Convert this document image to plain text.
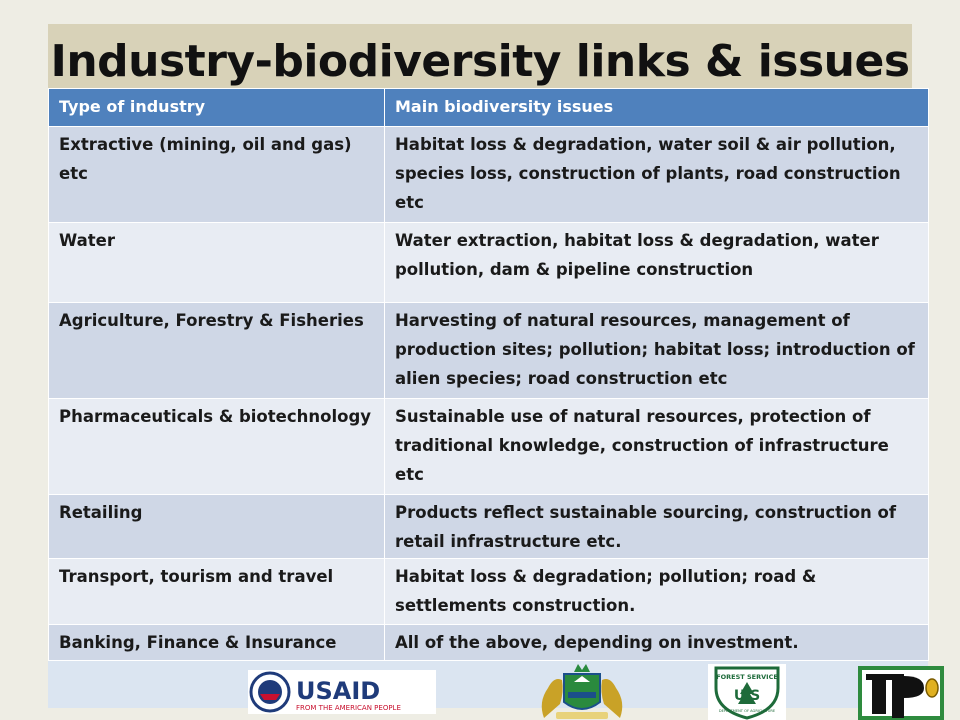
Industry-biodiversity links & issues
Type of industry	Main biodiversity issues
Extractive (mining, oil and gas) etc	Habitat loss & degradation, water soil & air pollution, species loss, construction of plants, road construction etc
Water	Water extraction, habitat loss & degradation, water pollution, dam & pipeline construction
Agriculture, Forestry & Fisheries	Harvesting of natural resources, management of production sites; pollution; habitat loss; introduction of alien species; road construction etc
Pharmaceuticals & biotechnology	Sustainable use of natural resources, protection of traditional knowledge, construction of infrastructure etc
Retailing	Products reflect sustainable sourcing, construction of retail infrastructure etc.
Transport, tourism and travel	Habitat loss & degradation; pollution; road & settlements construction.
Banking, Finance & Insurance	All of the above, depending on investment.
USAID
FROM THE AMERICAN PEOPLE
FOREST SERVICE
U S
DEPARTMENT OF AGRICULTURE
